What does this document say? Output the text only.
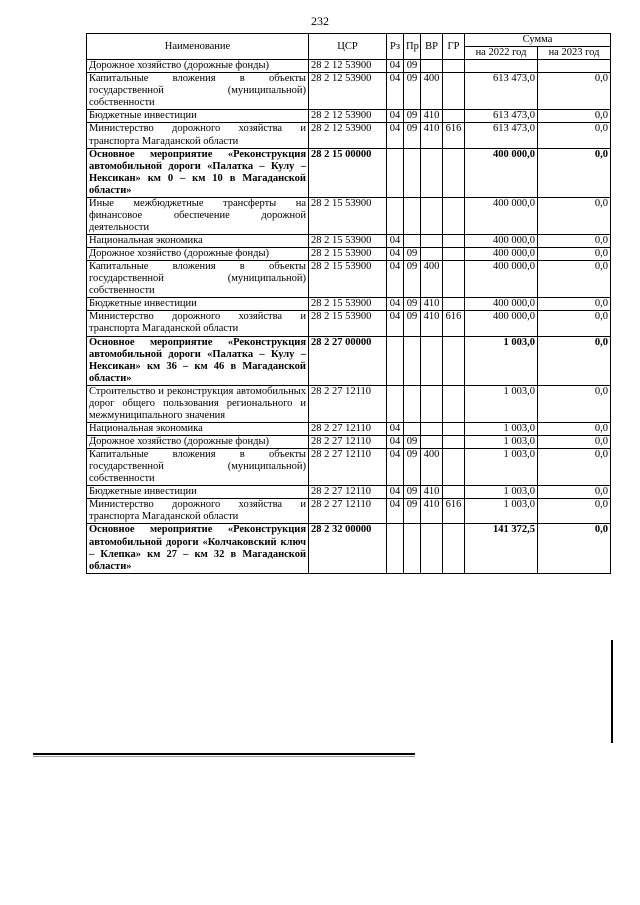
232
Наименование	ЦСР	Рз	Пр	ВР	ГР	Сумма	
						на 2022 год	на 2023 год
Дорожное хозяйство (дорожные фонды)	28 2 12 53900	04	09				
Капитальные вложения в объекты государственной (муниципальной) собственности	28 2 12 53900	04	09	400		613 473,0	0,0
Бюджетные инвестиции	28 2 12 53900	04	09	410		613 473,0	0,0
Министерство дорожного хозяйства и транспорта Магаданской области	28 2 12 53900	04	09	410	616	613 473,0	0,0
Основное мероприятие «Реконструкция автомобильной дороги «Палатка – Кулу – Нексикан» км 0 – км 10 в Магаданской области»	28 2 15 00000					400 000,0	0,0
Иные межбюджетные трансферты на финансовое обеспечение дорожной деятельности	28 2 15 53900					400 000,0	0,0
Национальная экономика	28 2 15 53900	04				400 000,0	0,0
Дорожное хозяйство (дорожные фонды)	28 2 15 53900	04	09			400 000,0	0,0
Капитальные вложения в объекты государственной (муниципальной) собственности	28 2 15 53900	04	09	400		400 000,0	0,0
Бюджетные инвестиции	28 2 15 53900	04	09	410		400 000,0	0,0
Министерство дорожного хозяйства и транспорта Магаданской области	28 2 15 53900	04	09	410	616	400 000,0	0,0
Основное мероприятие «Реконструкция автомобильной дороги «Палатка – Кулу – Нексикан» км 36 – км 46 в Магаданской области»	28 2 27 00000					1 003,0	0,0
Строительство и реконструкция автомобильных дорог общего пользования регионального и межмуниципального значения	28 2 27 12110					1 003,0	0,0
Национальная экономика	28 2 27 12110	04				1 003,0	0,0
Дорожное хозяйство (дорожные фонды)	28 2 27 12110	04	09			1 003,0	0,0
Капитальные вложения в объекты государственной (муниципальной) собственности	28 2 27 12110	04	09	400		1 003,0	0,0
Бюджетные инвестиции	28 2 27 12110	04	09	410		1 003,0	0,0
Министерство дорожного хозяйства и транспорта Магаданской области	28 2 27 12110	04	09	410	616	1 003,0	0,0
Основное мероприятие «Реконструкция автомобильной дороги «Колчаковский ключ – Клепка» км 27 – км 32 в Магаданской области»	28 2 32 00000					141 372,5	0,0
